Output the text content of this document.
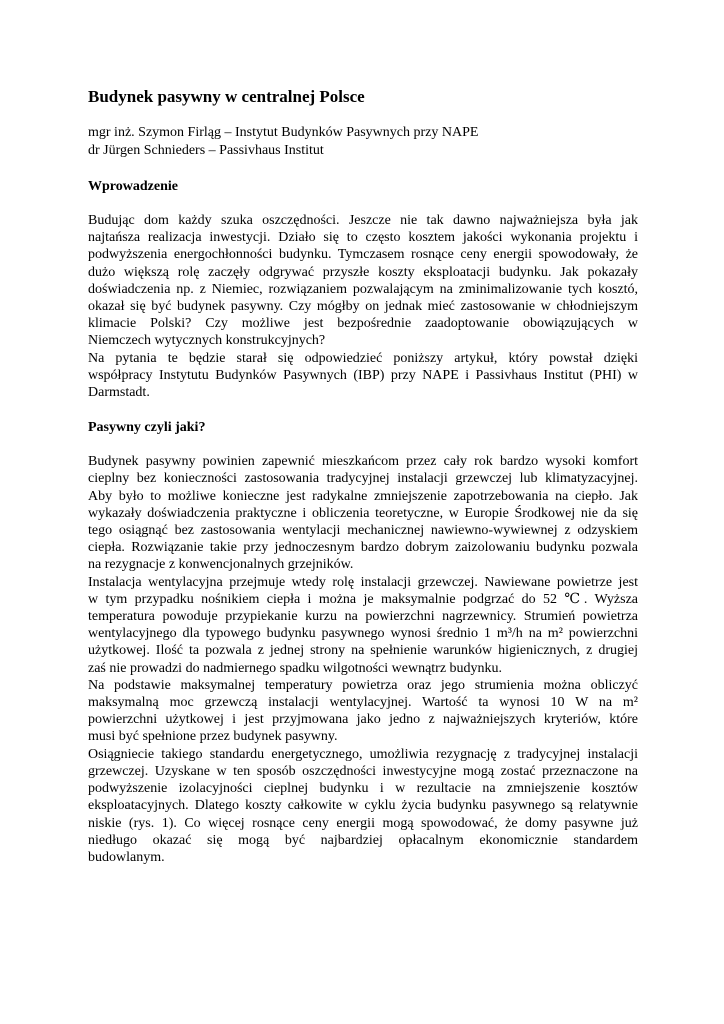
Budynek pasywny w centralnej Polsce
mgr inż. Szymon Firląg – Instytut Budynków Pasywnych przy NAPE
dr Jürgen Schnieders – Passivhaus Institut
Wprowadzenie

Budując dom każdy szuka oszczędności. Jeszcze nie tak dawno najważniejsza była jak
najtańsza realizacja inwestycji. Działo się to często kosztem jakości wykonania projektu i
podwyższenia energochłonności budynku. Tymczasem rosnące ceny energii spowodowały, że
dużo większą rolę zaczęły odgrywać przyszłe koszty eksploatacji budynku. Jak pokazały
doświadczenia np. z Niemiec, rozwiązaniem pozwalającym na zminimalizowanie tych kosztó,
okazał się być budynek pasywny. Czy mógłby on jednak mieć zastosowanie w chłodniejszym
klimacie Polski? Czy możliwe jest bezpośrednie zaadoptowanie obowiązujących w
Niemczech wytycznych konstrukcyjnych?

Na pytania te będzie starał się odpowiedzieć poniższy artykuł, który powstał dzięki
współpracy Instytutu Budynków Pasywnych (IBP) przy NAPE i Passivhaus Institut (PHI) w
Darmstadt.

Pasywny czyli jaki?

Budynek pasywny powinien zapewnić mieszkańcom przez cały rok bardzo wysoki komfort
cieplny bez konieczności zastosowania tradycyjnej instalacji grzewczej lub klimatyzacyjnej.
Aby było to możliwe konieczne jest radykalne zmniejszenie zapotrzebowania na ciepło. Jak
wykazały doświadczenia praktyczne i obliczenia teoretyczne, w Europie Środkowej nie da się
tego osiągnąć bez zastosowania wentylacji mechanicznej nawiewno-wywiewnej z odzyskiem
ciepła. Rozwiązanie takie przy jednoczesnym bardzo dobrym zaizolowaniu budynku pozwala
na rezygnacje z konwencjonalnych grzejników.

Instalacja wentylacyjna przejmuje wtedy rolę instalacji grzewczej. Nawiewane powietrze jest
w tym przypadku nośnikiem ciepła i można je maksymalnie podgrzać do 52 ℃. Wyższa
temperatura powoduje przypiekanie kurzu na powierzchni nagrzewnicy. Strumień powietrza
wentylacyjnego dla typowego budynku pasywnego wynosi średnio 1 m³/h na m² powierzchni
użytkowej. Ilość ta pozwala z jednej strony na spełnienie warunków higienicznych, z drugiej
zaś nie prowadzi do nadmiernego spadku wilgotności wewnątrz budynku.

Na podstawie maksymalnej temperatury powietrza oraz jego strumienia można obliczyć
maksymalną moc grzewczą instalacji wentylacyjnej. Wartość ta wynosi 10 W na m²
powierzchni użytkowej i jest przyjmowana jako jedno z najważniejszych kryteriów, które
musi być spełnione przez budynek pasywny.

Osiągniecie takiego standardu energetycznego, umożliwia rezygnację z tradycyjnej instalacji
grzewczej. Uzyskane w ten sposób oszczędności inwestycyjne mogą zostać przeznaczone na
podwyższenie izolacyjności cieplnej budynku i w rezultacie na zmniejszenie kosztów
eksploatacyjnych. Dlatego koszty całkowite w cyklu życia budynku pasywnego są relatywnie
niskie (rys. 1). Co więcej rosnące ceny energii mogą spowodować, że domy pasywne już
niedługo okazać się mogą być najbardziej opłacalnym ekonomicznie standardem
budowlanym.
